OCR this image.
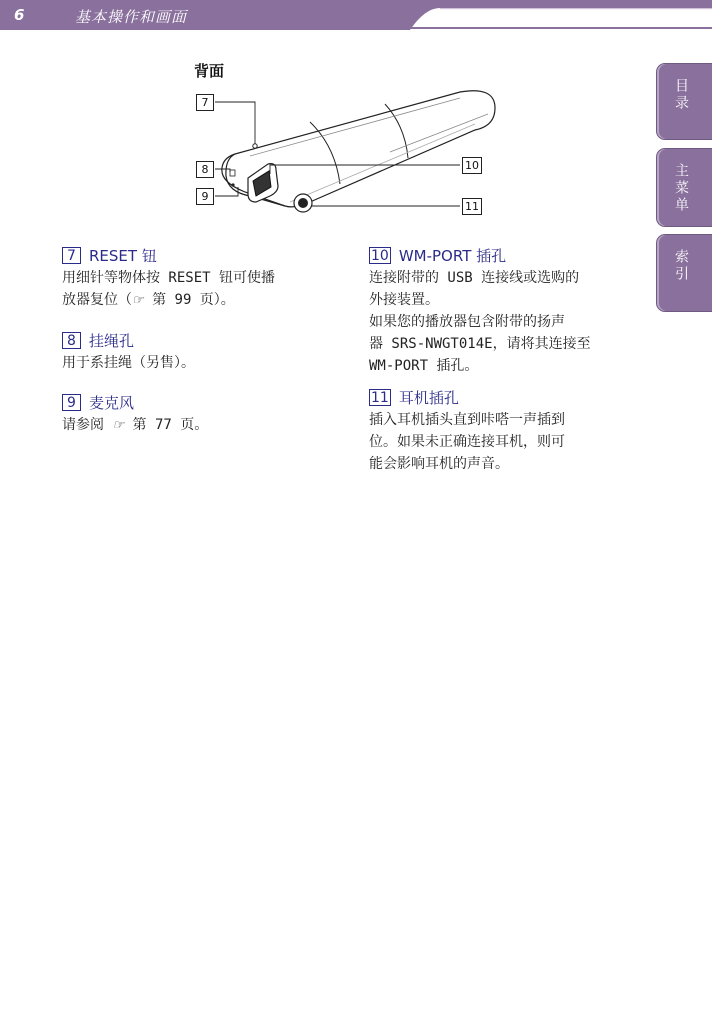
6	基本操作和画面
目录
主菜单
索引
背面
7
8
9
10
11
7 RESET 钮
用细针等物体按 RESET 钮可使播
放器复位（☞ 第 99 页）。
8 挂绳孔
用于系挂绳（另售）。
9 麦克风
请参阅 ☞ 第 77 页。
10 WM-PORT 插孔
连接附带的 USB 连接线或选购的
外接装置。
如果您的播放器包含附带的扬声
器 SRS-NWGT014E，请将其连接至
WM-PORT 插孔。
11 耳机插孔
插入耳机插头直到咔嗒一声插到
位。如果未正确连接耳机，则可
能会影响耳机的声音。
